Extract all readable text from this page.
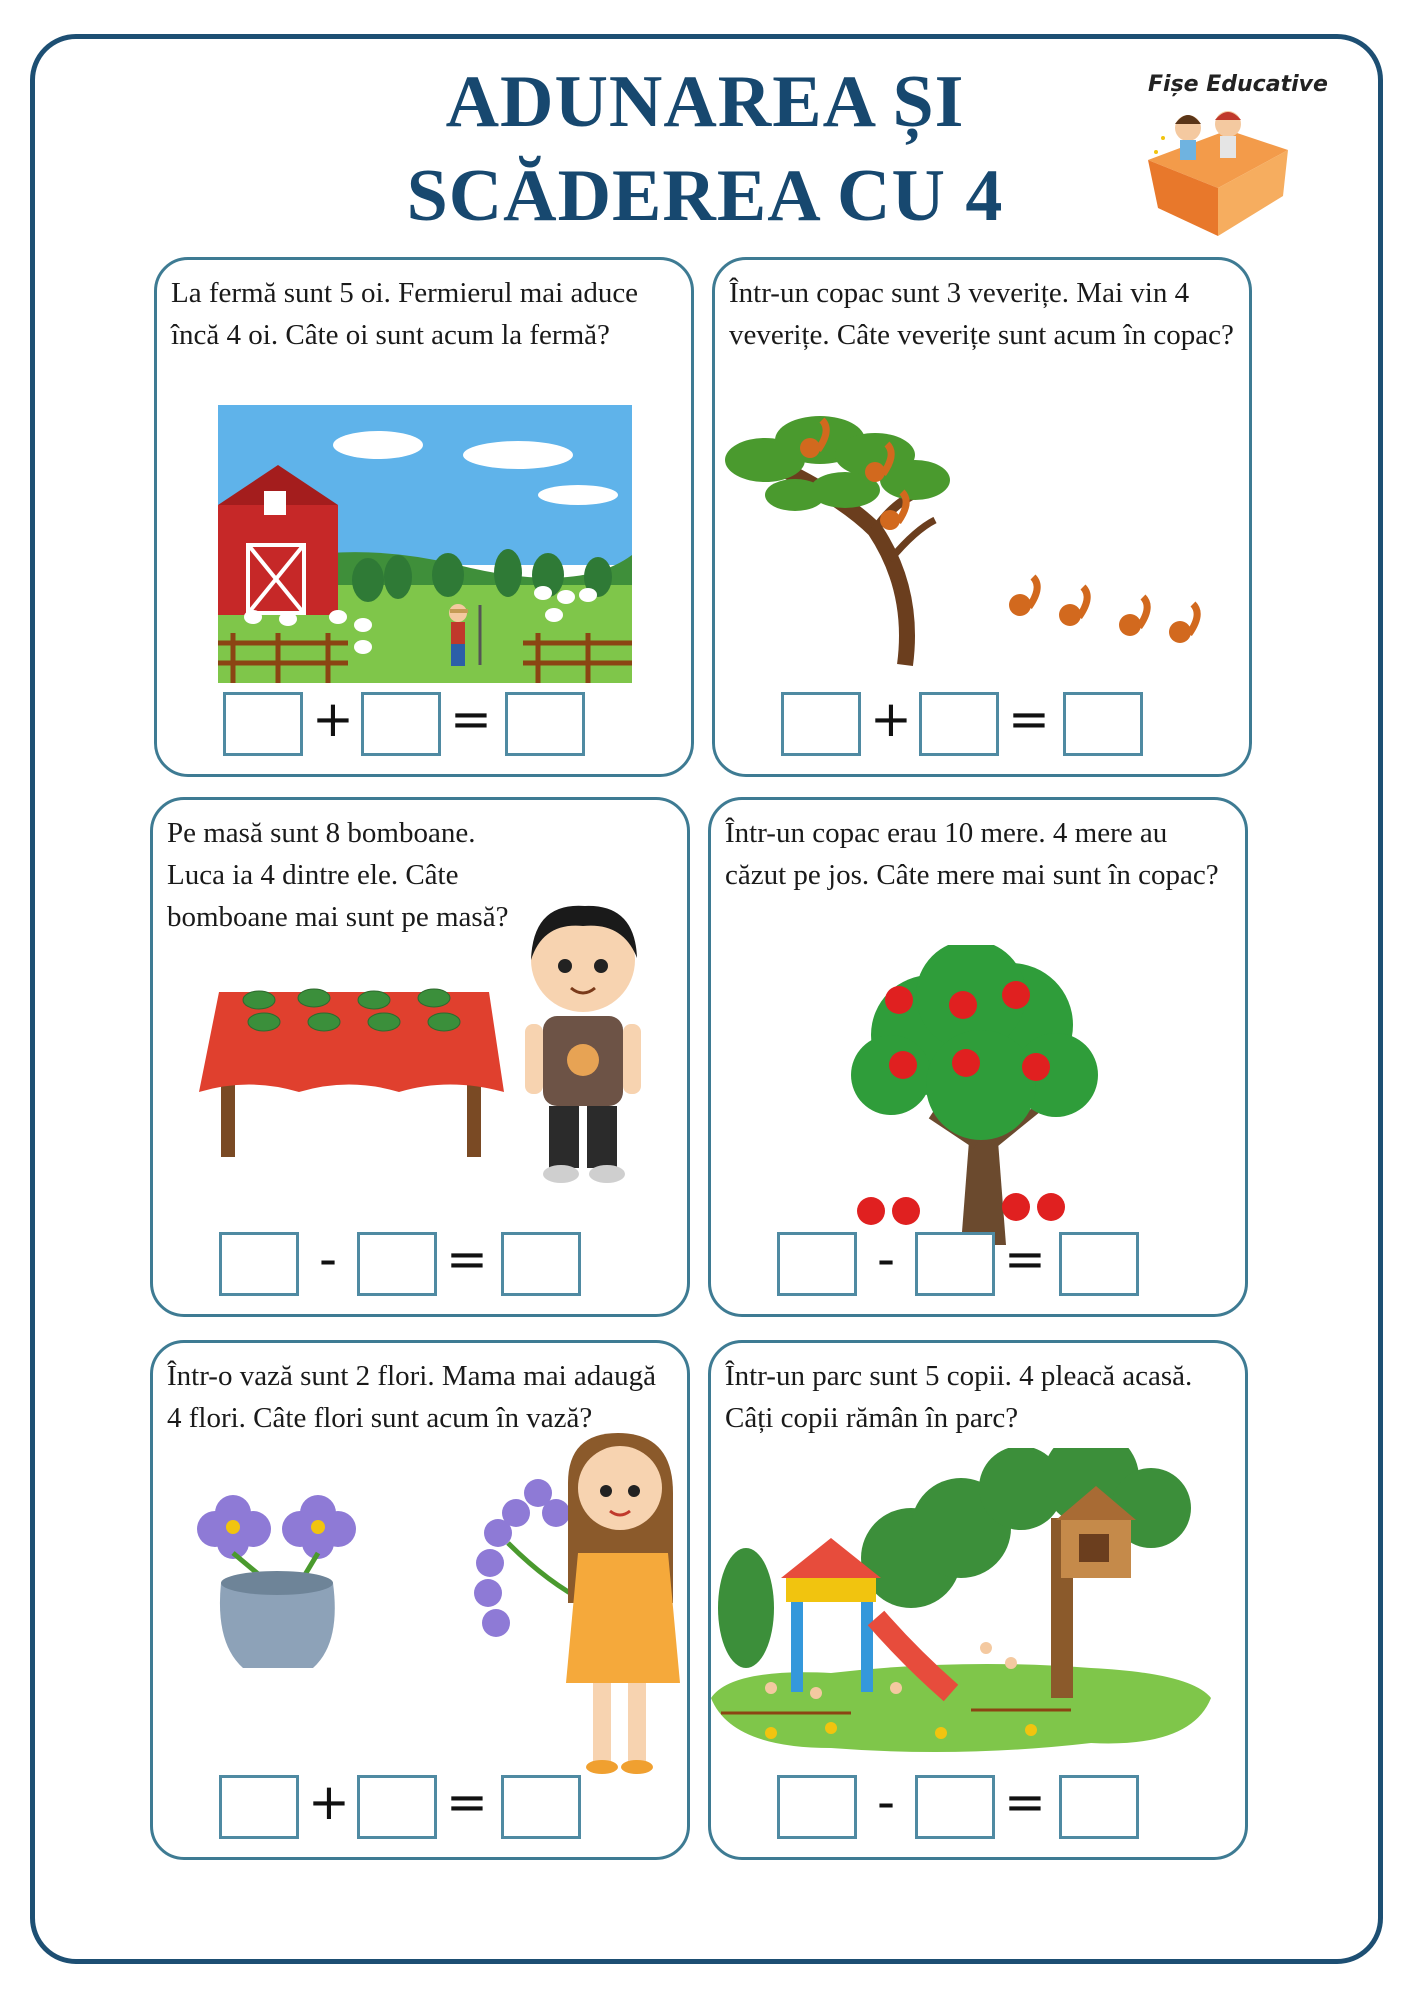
ADUNAREA ȘI
SCĂDEREA CU 4
Fișe Educative
La fermă sunt 5 oi. Fermierul mai aduce încă 4 oi. Câte oi sunt acum la fermă?
+ =
Într-un copac sunt 3 veverițe. Mai vin 4 veverițe. Câte veverițe sunt acum în copac?
+ =
Pe masă sunt 8 bomboane. Luca ia 4 dintre ele. Câte bomboane mai sunt pe masă?
- =
Într-un copac erau 10 mere. 4 mere au căzut pe jos. Câte mere mai sunt în copac?
- =
Într-o vază sunt 2 flori. Mama mai adaugă 4 flori. Câte flori sunt acum în vază?
+ =
Într-un parc sunt 5 copii. 4 pleacă acasă. Câți copii rămân în parc?
- =
